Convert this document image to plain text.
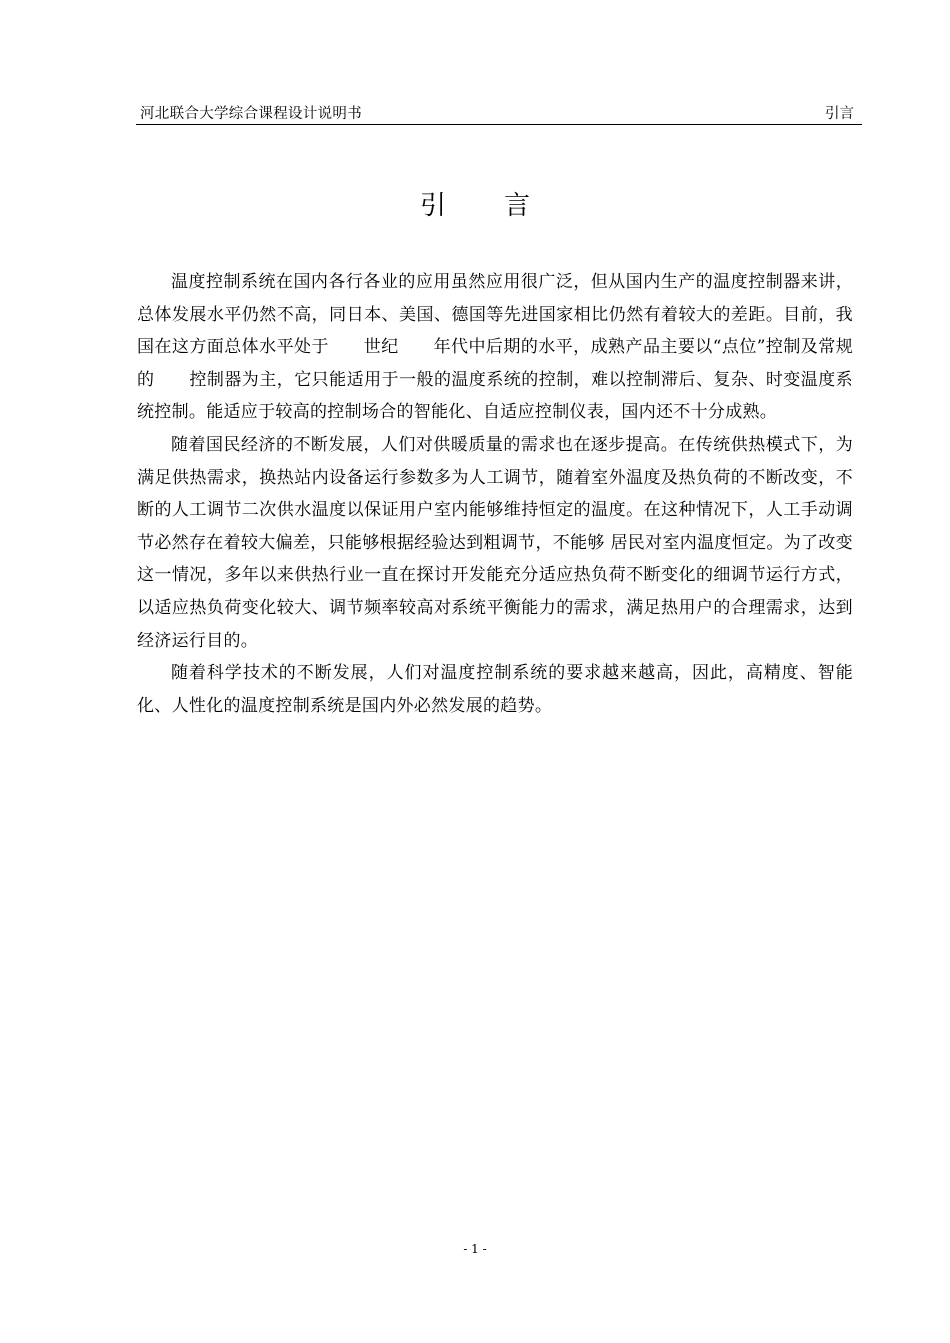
河北联合大学综合课程设计说明书	引言
引言

温度控制系统在国内各行各业的应用虽然应用很广泛，但从国内生产的温度控制器来讲，总体发展水平仍然不高，同日本、美国、德国等先进国家相比仍然有着较大的差距。目前，我国在这方面总体水平处于　　世纪　　年代中后期的水平，成熟产品主要以“点位”控制及常规的　　控制器为主，它只能适用于一般的温度系统的控制，难以控制滞后、复杂、时变温度系统控制。能适应于较高的控制场合的智能化、自适应控制仪表，国内还不十分成熟。

随着国民经济的不断发展，人们对供暖质量的需求也在逐步提高。在传统供热模式下，为满足供热需求，换热站内设备运行参数多为人工调节，随着室外温度及热负荷的不断改变，不断的人工调节二次供水温度以保证用户室内能够维持恒定的温度。在这种情况下，人工手动调节必然存在着较大偏差，只能够根据经验达到粗调节，不能够 居民对室内温度恒定。为了改变这一情况，多年以来供热行业一直在探讨开发能充分适应热负荷不断变化的细调节运行方式，以适应热负荷变化较大、调节频率较高对系统平衡能力的需求，满足热用户的合理需求，达到经济运行目的。

随着科学技术的不断发展，人们对温度控制系统的要求越来越高，因此，高精度、智能化、人性化的温度控制系统是国内外必然发展的趋势。

- 1 -
